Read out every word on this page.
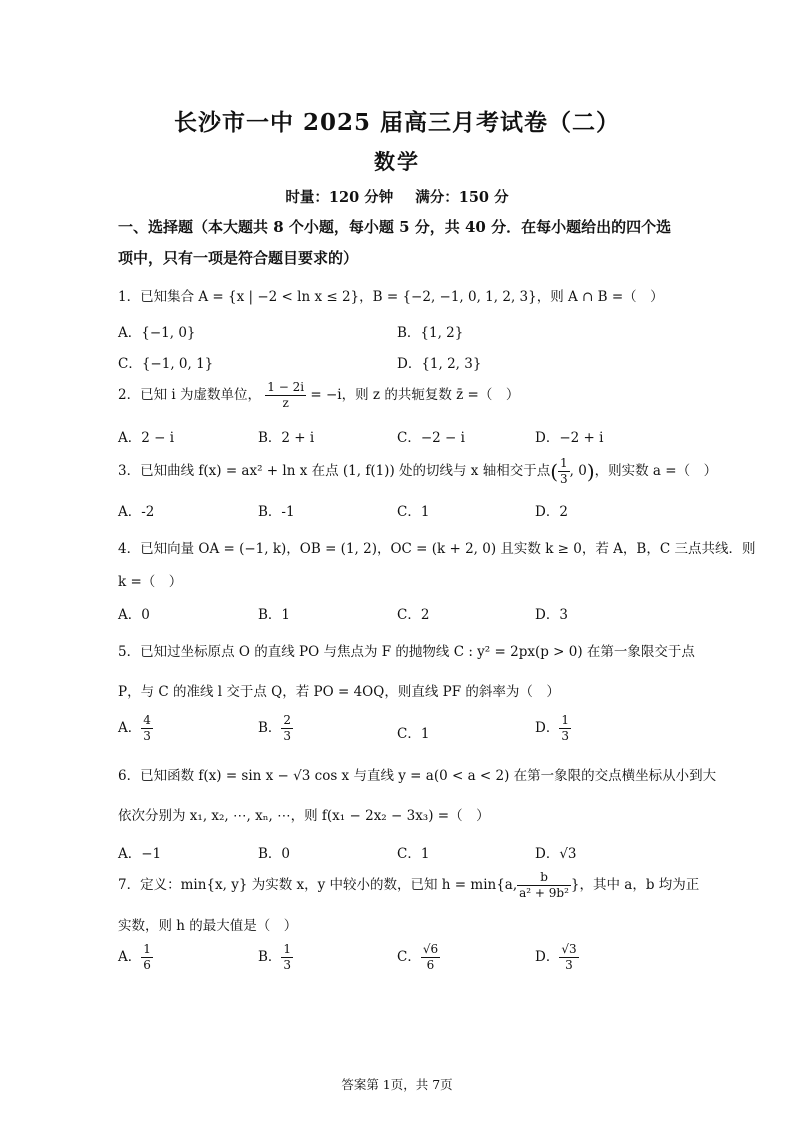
长沙市一中 2025 届高三月考试卷（二）
数学
时量：120 分钟 满分：150 分
一、选择题（本大题共 8 个小题，每小题 5 分，共 40 分．在每小题给出的四个选项中，只有一项是符合题目要求的）
1．已知集合 A = {x | −2 < ln x ≤ 2}，B = {−2, −1, 0, 1, 2, 3}，则 A ∩ B =（　）
A．{−1, 0}	B．{1, 2}
C．{−1, 0, 1}	D．{1, 2, 3}
2．已知 i 为虚数单位， $\frac{1 - 2i}{z} = -i$，则 z 的共轭复数 z̄ =（　）
A．2 − i	B．2 + i	C．−2 − i	D．−2 + i
3．已知曲线 f(x) = ax² + ln x 在点 (1, f(1)) 处的切线与 x 轴相交于点( $\frac{1}{3}$ , 0)，则实数 a =（　）
A．-2	B．-1	C．1	D．2
4．已知向量 OA = (−1, k)，OB = (1, 2)，OC = (k + 2, 0) 且实数 k ≥ 0，若 A，B，C 三点共线．则
k =（　）
A．0	B．1	C．2	D．3
5．已知过坐标原点 O 的直线 PO 与焦点为 F 的抛物线 C : y² = 2px(p > 0) 在第一象限交于点
P，与 C 的准线 l 交于点 Q，若 PO = 4OQ，则直线 PF 的斜率为（　）
A． $\frac{4}{3}$	B． $\frac{2}{3}$	C．1	D． $\frac{1}{3}$
6．已知函数 f(x) = sin x − √3 cos x 与直线 y = a(0 < a < 2) 在第一象限的交点横坐标从小到大
依次分别为 x₁, x₂, ⋯, xₙ, ⋯，则 f(x₁ − 2x₂ − 3x₃) =（　）
A．−1	B．0	C．1	D．√3
7．定义：min{x, y} 为实数 x，y 中较小的数，已知 h = min{a, $\frac{b}{\text{a² + 9b²}}$ }，其中 a，b 均为正
实数，则 h 的最大值是（　）
A． $\frac{1}{6}$	B． $\frac{1}{3}$	C． $\frac{√6}{6}$	D． $\frac{√3}{3}$
答案第 1页，共 7页
